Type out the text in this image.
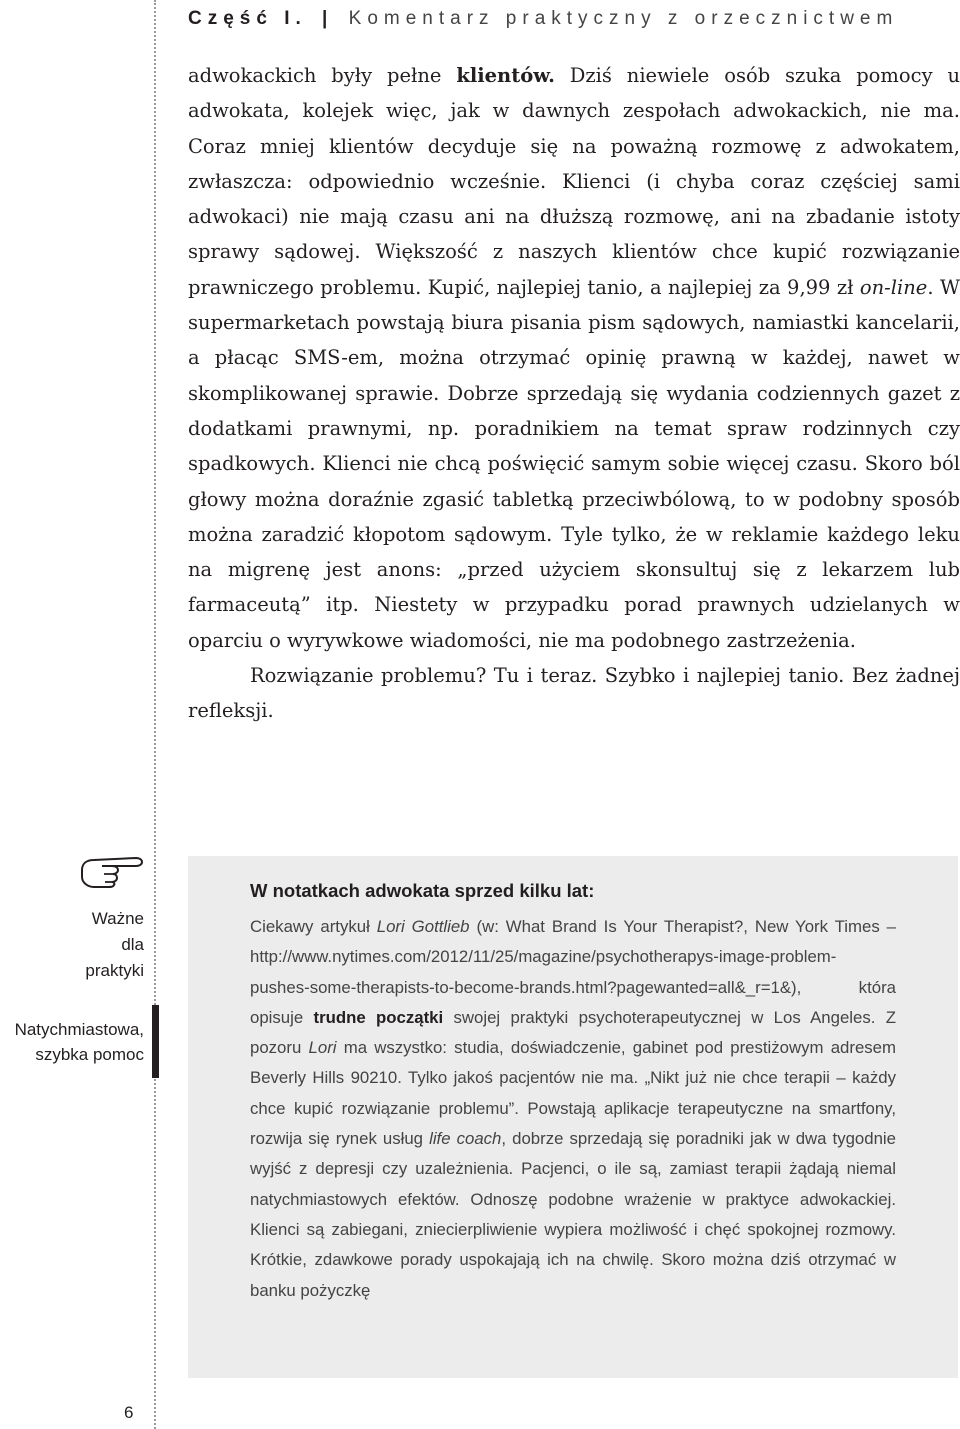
Część I. | Komentarz praktyczny z orzecznictwem

adwokackich były pełne klientów. Dziś niewiele osób szuka pomocy u adwokata, kolejek więc, jak w dawnych zespołach adwokackich, nie ma. Coraz mniej klientów decyduje się na poważną rozmowę z adwokatem, zwłaszcza: odpowiednio wcześnie. Klienci (i chyba coraz częściej sami adwokaci) nie mają czasu ani na dłuższą rozmowę, ani na zbadanie istoty sprawy sądowej. Większość z naszych klientów chce kupić rozwiązanie prawniczego problemu. Kupić, najlepiej tanio, a najlepiej za 9,99 zł on-line. W supermarketach powstają biura pisania pism sądowych, namiastki kancelarii, a płacąc SMS-em, można otrzymać opinię prawną w każdej, nawet w skomplikowanej sprawie. Dobrze sprzedają się wydania codziennych gazet z dodatkami prawnymi, np. poradnikiem na temat spraw rodzinnych czy spadkowych. Klienci nie chcą poświęcić samym sobie więcej czasu. Skoro ból głowy można doraźnie zgasić tabletką przeciwbólową, to w podobny sposób można zaradzić kłopotom sądowym. Tyle tylko, że w reklamie każdego leku na migrenę jest anons: „przed użyciem skonsultuj się z lekarzem lub farmaceutą” itp. Niestety w przypadku porad prawnych udzielanych w oparciu o wyrywkowe wiadomości, nie ma podobnego zastrzeżenia.

Rozwiązanie problemu? Tu i teraz. Szybko i najlepiej tanio. Bez żadnej refleksji.

Ważne
dla
praktyki
Natychmiastowa,
szybka pomoc
W notatkach adwokata sprzed kilku lat:
Ciekawy artykuł Lori Gottlieb (w: What Brand Is Your Therapist?, New York Times – http://www.nytimes.com/2012/11/25/magazine/psychotherapys-image-problem-pushes-some-therapists-to-become-brands.html?pagewanted=all&_r=1&), która opisuje trudne początki swojej praktyki psychoterapeutycznej w Los Angeles. Z pozoru Lori ma wszystko: studia, doświadczenie, gabinet pod prestiżowym adresem Beverly Hills 90210. Tylko jakoś pacjentów nie ma. „Nikt już nie chce terapii – każdy chce kupić rozwiązanie problemu”. Powstają aplikacje terapeutyczne na smartfony, rozwija się rynek usług life coach, dobrze sprzedają się poradniki jak w dwa tygodnie wyjść z depresji czy uzależnienia. Pacjenci, o ile są, zamiast terapii żądają niemal natychmiastowych efektów. Odnoszę podobne wrażenie w praktyce adwokackiej. Klienci są zabiegani, zniecierpliwienie wypiera możliwość i chęć spokojnej rozmowy. Krótkie, zdawkowe porady uspokajają ich na chwilę. Skoro można dziś otrzymać w banku pożyczkę
6
